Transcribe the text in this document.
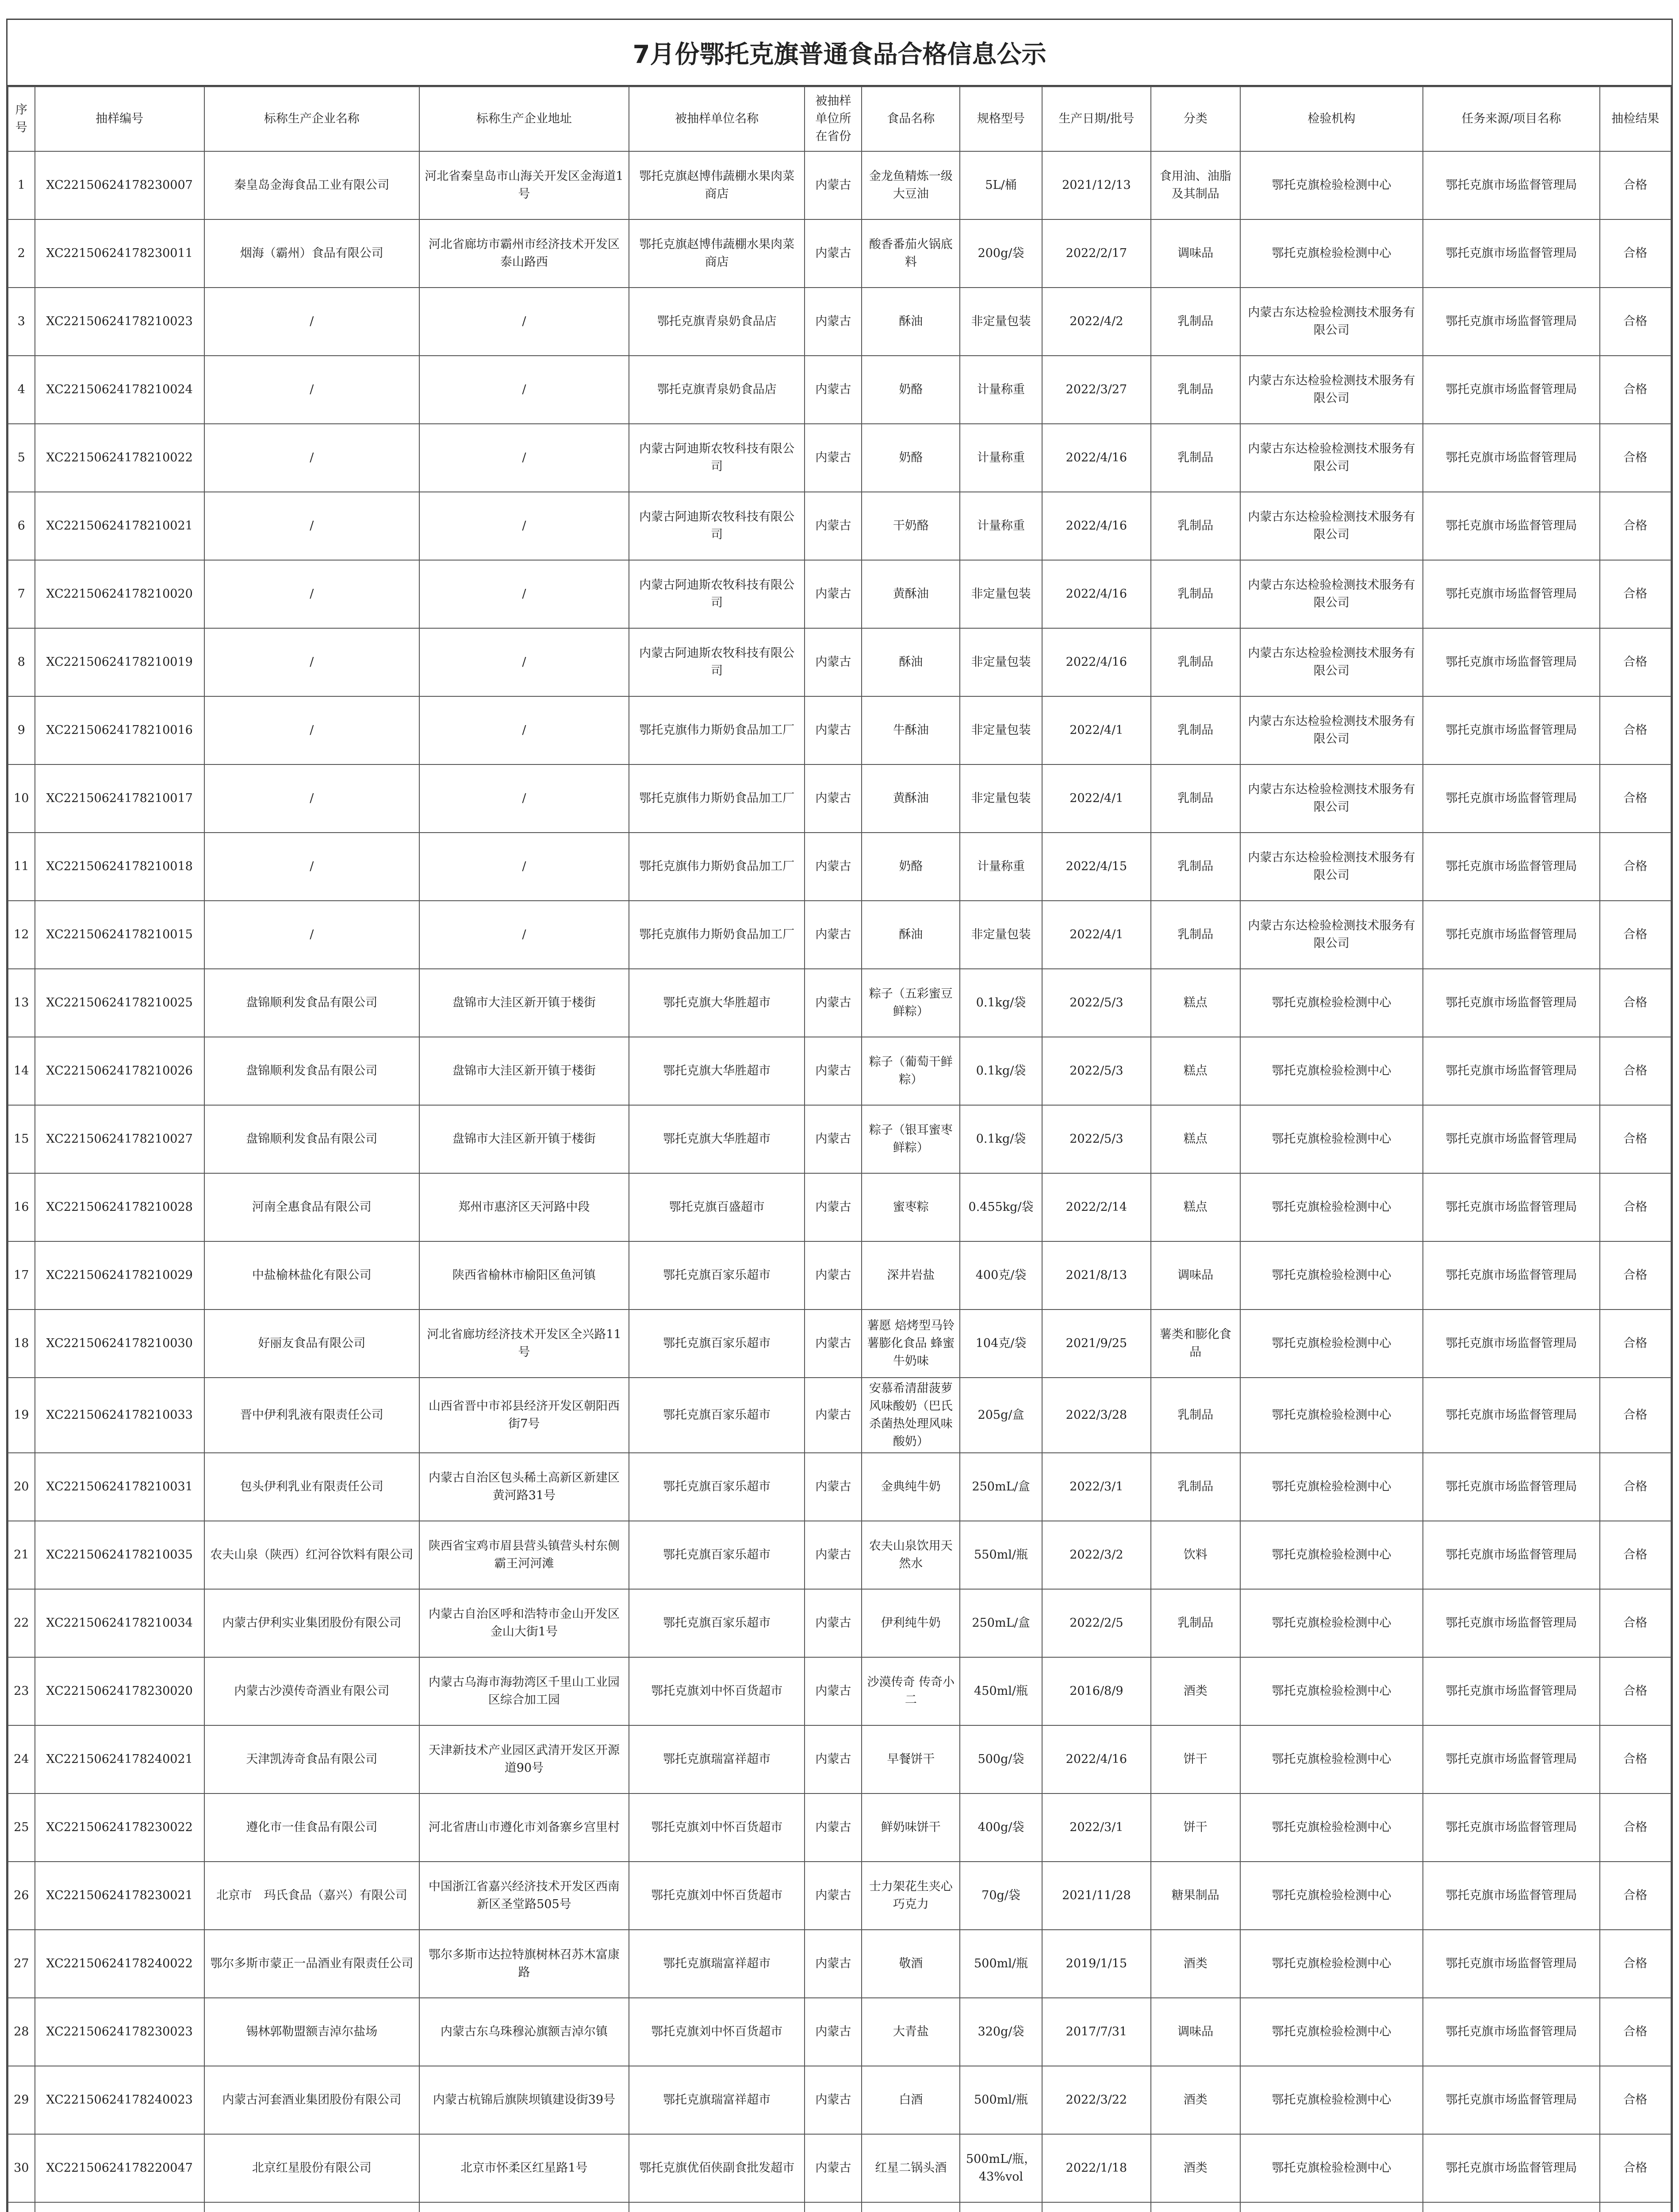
7月份鄂托克旗普通食品合格信息公示
序号	抽样编号	标称生产企业名称	标称生产企业地址	被抽样单位名称	被抽样单位所在省份	食品名称	规格型号	生产日期/批号	分类	检验机构	任务来源/项目名称	抽检结果
1	XC22150624178230007	秦皇岛金海食品工业有限公司	河北省秦皇岛市山海关开发区金海道1号	鄂托克旗赵博伟蔬棚水果肉菜商店	内蒙古	金龙鱼精炼一级大豆油	5L/桶	2021/12/13	食用油、油脂及其制品	鄂托克旗检验检测中心	鄂托克旗市场监督管理局	合格
2	XC22150624178230011	烟海（霸州）食品有限公司	河北省廊坊市霸州市经济技术开发区泰山路西	鄂托克旗赵博伟蔬棚水果肉菜商店	内蒙古	酸香番茄火锅底料	200g/袋	2022/2/17	调味品	鄂托克旗检验检测中心	鄂托克旗市场监督管理局	合格
3	XC22150624178210023	/	/	鄂托克旗青泉奶食品店	内蒙古	酥油	非定量包装	2022/4/2	乳制品	内蒙古东达检验检测技术服务有限公司	鄂托克旗市场监督管理局	合格
4	XC22150624178210024	/	/	鄂托克旗青泉奶食品店	内蒙古	奶酪	计量称重	2022/3/27	乳制品	内蒙古东达检验检测技术服务有限公司	鄂托克旗市场监督管理局	合格
5	XC22150624178210022	/	/	内蒙古阿迪斯农牧科技有限公司	内蒙古	奶酪	计量称重	2022/4/16	乳制品	内蒙古东达检验检测技术服务有限公司	鄂托克旗市场监督管理局	合格
6	XC22150624178210021	/	/	内蒙古阿迪斯农牧科技有限公司	内蒙古	干奶酪	计量称重	2022/4/16	乳制品	内蒙古东达检验检测技术服务有限公司	鄂托克旗市场监督管理局	合格
7	XC22150624178210020	/	/	内蒙古阿迪斯农牧科技有限公司	内蒙古	黄酥油	非定量包装	2022/4/16	乳制品	内蒙古东达检验检测技术服务有限公司	鄂托克旗市场监督管理局	合格
8	XC22150624178210019	/	/	内蒙古阿迪斯农牧科技有限公司	内蒙古	酥油	非定量包装	2022/4/16	乳制品	内蒙古东达检验检测技术服务有限公司	鄂托克旗市场监督管理局	合格
9	XC22150624178210016	/	/	鄂托克旗伟力斯奶食品加工厂	内蒙古	牛酥油	非定量包装	2022/4/1	乳制品	内蒙古东达检验检测技术服务有限公司	鄂托克旗市场监督管理局	合格
10	XC22150624178210017	/	/	鄂托克旗伟力斯奶食品加工厂	内蒙古	黄酥油	非定量包装	2022/4/1	乳制品	内蒙古东达检验检测技术服务有限公司	鄂托克旗市场监督管理局	合格
11	XC22150624178210018	/	/	鄂托克旗伟力斯奶食品加工厂	内蒙古	奶酪	计量称重	2022/4/15	乳制品	内蒙古东达检验检测技术服务有限公司	鄂托克旗市场监督管理局	合格
12	XC22150624178210015	/	/	鄂托克旗伟力斯奶食品加工厂	内蒙古	酥油	非定量包装	2022/4/1	乳制品	内蒙古东达检验检测技术服务有限公司	鄂托克旗市场监督管理局	合格
13	XC22150624178210025	盘锦顺利发食品有限公司	盘锦市大洼区新开镇于楼街	鄂托克旗大华胜超市	内蒙古	粽子（五彩蜜豆鲜粽）	0.1kg/袋	2022/5/3	糕点	鄂托克旗检验检测中心	鄂托克旗市场监督管理局	合格
14	XC22150624178210026	盘锦顺利发食品有限公司	盘锦市大洼区新开镇于楼街	鄂托克旗大华胜超市	内蒙古	粽子（葡萄干鲜粽）	0.1kg/袋	2022/5/3	糕点	鄂托克旗检验检测中心	鄂托克旗市场监督管理局	合格
15	XC22150624178210027	盘锦顺利发食品有限公司	盘锦市大洼区新开镇于楼街	鄂托克旗大华胜超市	内蒙古	粽子（银耳蜜枣鲜粽）	0.1kg/袋	2022/5/3	糕点	鄂托克旗检验检测中心	鄂托克旗市场监督管理局	合格
16	XC22150624178210028	河南全惠食品有限公司	郑州市惠济区天河路中段	鄂托克旗百盛超市	内蒙古	蜜枣粽	0.455kg/袋	2022/2/14	糕点	鄂托克旗检验检测中心	鄂托克旗市场监督管理局	合格
17	XC22150624178210029	中盐榆林盐化有限公司	陕西省榆林市榆阳区鱼河镇	鄂托克旗百家乐超市	内蒙古	深井岩盐	400克/袋	2021/8/13	调味品	鄂托克旗检验检测中心	鄂托克旗市场监督管理局	合格
18	XC22150624178210030	好丽友食品有限公司	河北省廊坊经济技术开发区全兴路11号	鄂托克旗百家乐超市	内蒙古	薯愿 焙烤型马铃薯膨化食品 蜂蜜牛奶味	104克/袋	2021/9/25	薯类和膨化食品	鄂托克旗检验检测中心	鄂托克旗市场监督管理局	合格
19	XC22150624178210033	晋中伊利乳液有限责任公司	山西省晋中市祁县经济开发区朝阳西街7号	鄂托克旗百家乐超市	内蒙古	安慕希清甜菠萝风味酸奶（巴氏杀菌热处理风味酸奶）	205g/盒	2022/3/28	乳制品	鄂托克旗检验检测中心	鄂托克旗市场监督管理局	合格
20	XC22150624178210031	包头伊利乳业有限责任公司	内蒙古自治区包头稀土高新区新建区黄河路31号	鄂托克旗百家乐超市	内蒙古	金典纯牛奶	250mL/盒	2022/3/1	乳制品	鄂托克旗检验检测中心	鄂托克旗市场监督管理局	合格
21	XC22150624178210035	农夫山泉（陕西）红河谷饮料有限公司	陕西省宝鸡市眉县营头镇营头村东侧霸王河河滩	鄂托克旗百家乐超市	内蒙古	农夫山泉饮用天然水	550ml/瓶	2022/3/2	饮料	鄂托克旗检验检测中心	鄂托克旗市场监督管理局	合格
22	XC22150624178210034	内蒙古伊利实业集团股份有限公司	内蒙古自治区呼和浩特市金山开发区金山大街1号	鄂托克旗百家乐超市	内蒙古	伊利纯牛奶	250mL/盒	2022/2/5	乳制品	鄂托克旗检验检测中心	鄂托克旗市场监督管理局	合格
23	XC22150624178230020	内蒙古沙漠传奇酒业有限公司	内蒙古乌海市海勃湾区千里山工业园区综合加工园	鄂托克旗刘中怀百货超市	内蒙古	沙漠传奇 传奇小二	450ml/瓶	2016/8/9	酒类	鄂托克旗检验检测中心	鄂托克旗市场监督管理局	合格
24	XC22150624178240021	天津凯涛奇食品有限公司	天津新技术产业园区武清开发区开源道90号	鄂托克旗瑞富祥超市	内蒙古	早餐饼干	500g/袋	2022/4/16	饼干	鄂托克旗检验检测中心	鄂托克旗市场监督管理局	合格
25	XC22150624178230022	遵化市一佳食品有限公司	河北省唐山市遵化市刘备寨乡宫里村	鄂托克旗刘中怀百货超市	内蒙古	鲜奶味饼干	400g/袋	2022/3/1	饼干	鄂托克旗检验检测中心	鄂托克旗市场监督管理局	合格
26	XC22150624178230021	北京市　玛氏食品（嘉兴）有限公司	中国浙江省嘉兴经济技术开发区西南新区圣堂路505号	鄂托克旗刘中怀百货超市	内蒙古	士力架花生夹心巧克力	70g/袋	2021/11/28	糖果制品	鄂托克旗检验检测中心	鄂托克旗市场监督管理局	合格
27	XC22150624178240022	鄂尔多斯市蒙正一品酒业有限责任公司	鄂尔多斯市达拉特旗树林召苏木富康路	鄂托克旗瑞富祥超市	内蒙古	敬酒	500ml/瓶	2019/1/15	酒类	鄂托克旗检验检测中心	鄂托克旗市场监督管理局	合格
28	XC22150624178230023	锡林郭勒盟额吉淖尔盐场	内蒙古东乌珠穆沁旗额吉淖尔镇	鄂托克旗刘中怀百货超市	内蒙古	大青盐	320g/袋	2017/7/31	调味品	鄂托克旗检验检测中心	鄂托克旗市场监督管理局	合格
29	XC22150624178240023	内蒙古河套酒业集团股份有限公司	内蒙古杭锦后旗陕坝镇建设街39号	鄂托克旗瑞富祥超市	内蒙古	白酒	500ml/瓶	2022/3/22	酒类	鄂托克旗检验检测中心	鄂托克旗市场监督管理局	合格
30	XC22150624178220047	北京红星股份有限公司	北京市怀柔区红星路1号	鄂托克旗优佰侠副食批发超市	内蒙古	红星二锅头酒	500mL/瓶，43%vol	2022/1/18	酒类	鄂托克旗检验检测中心	鄂托克旗市场监督管理局	合格
